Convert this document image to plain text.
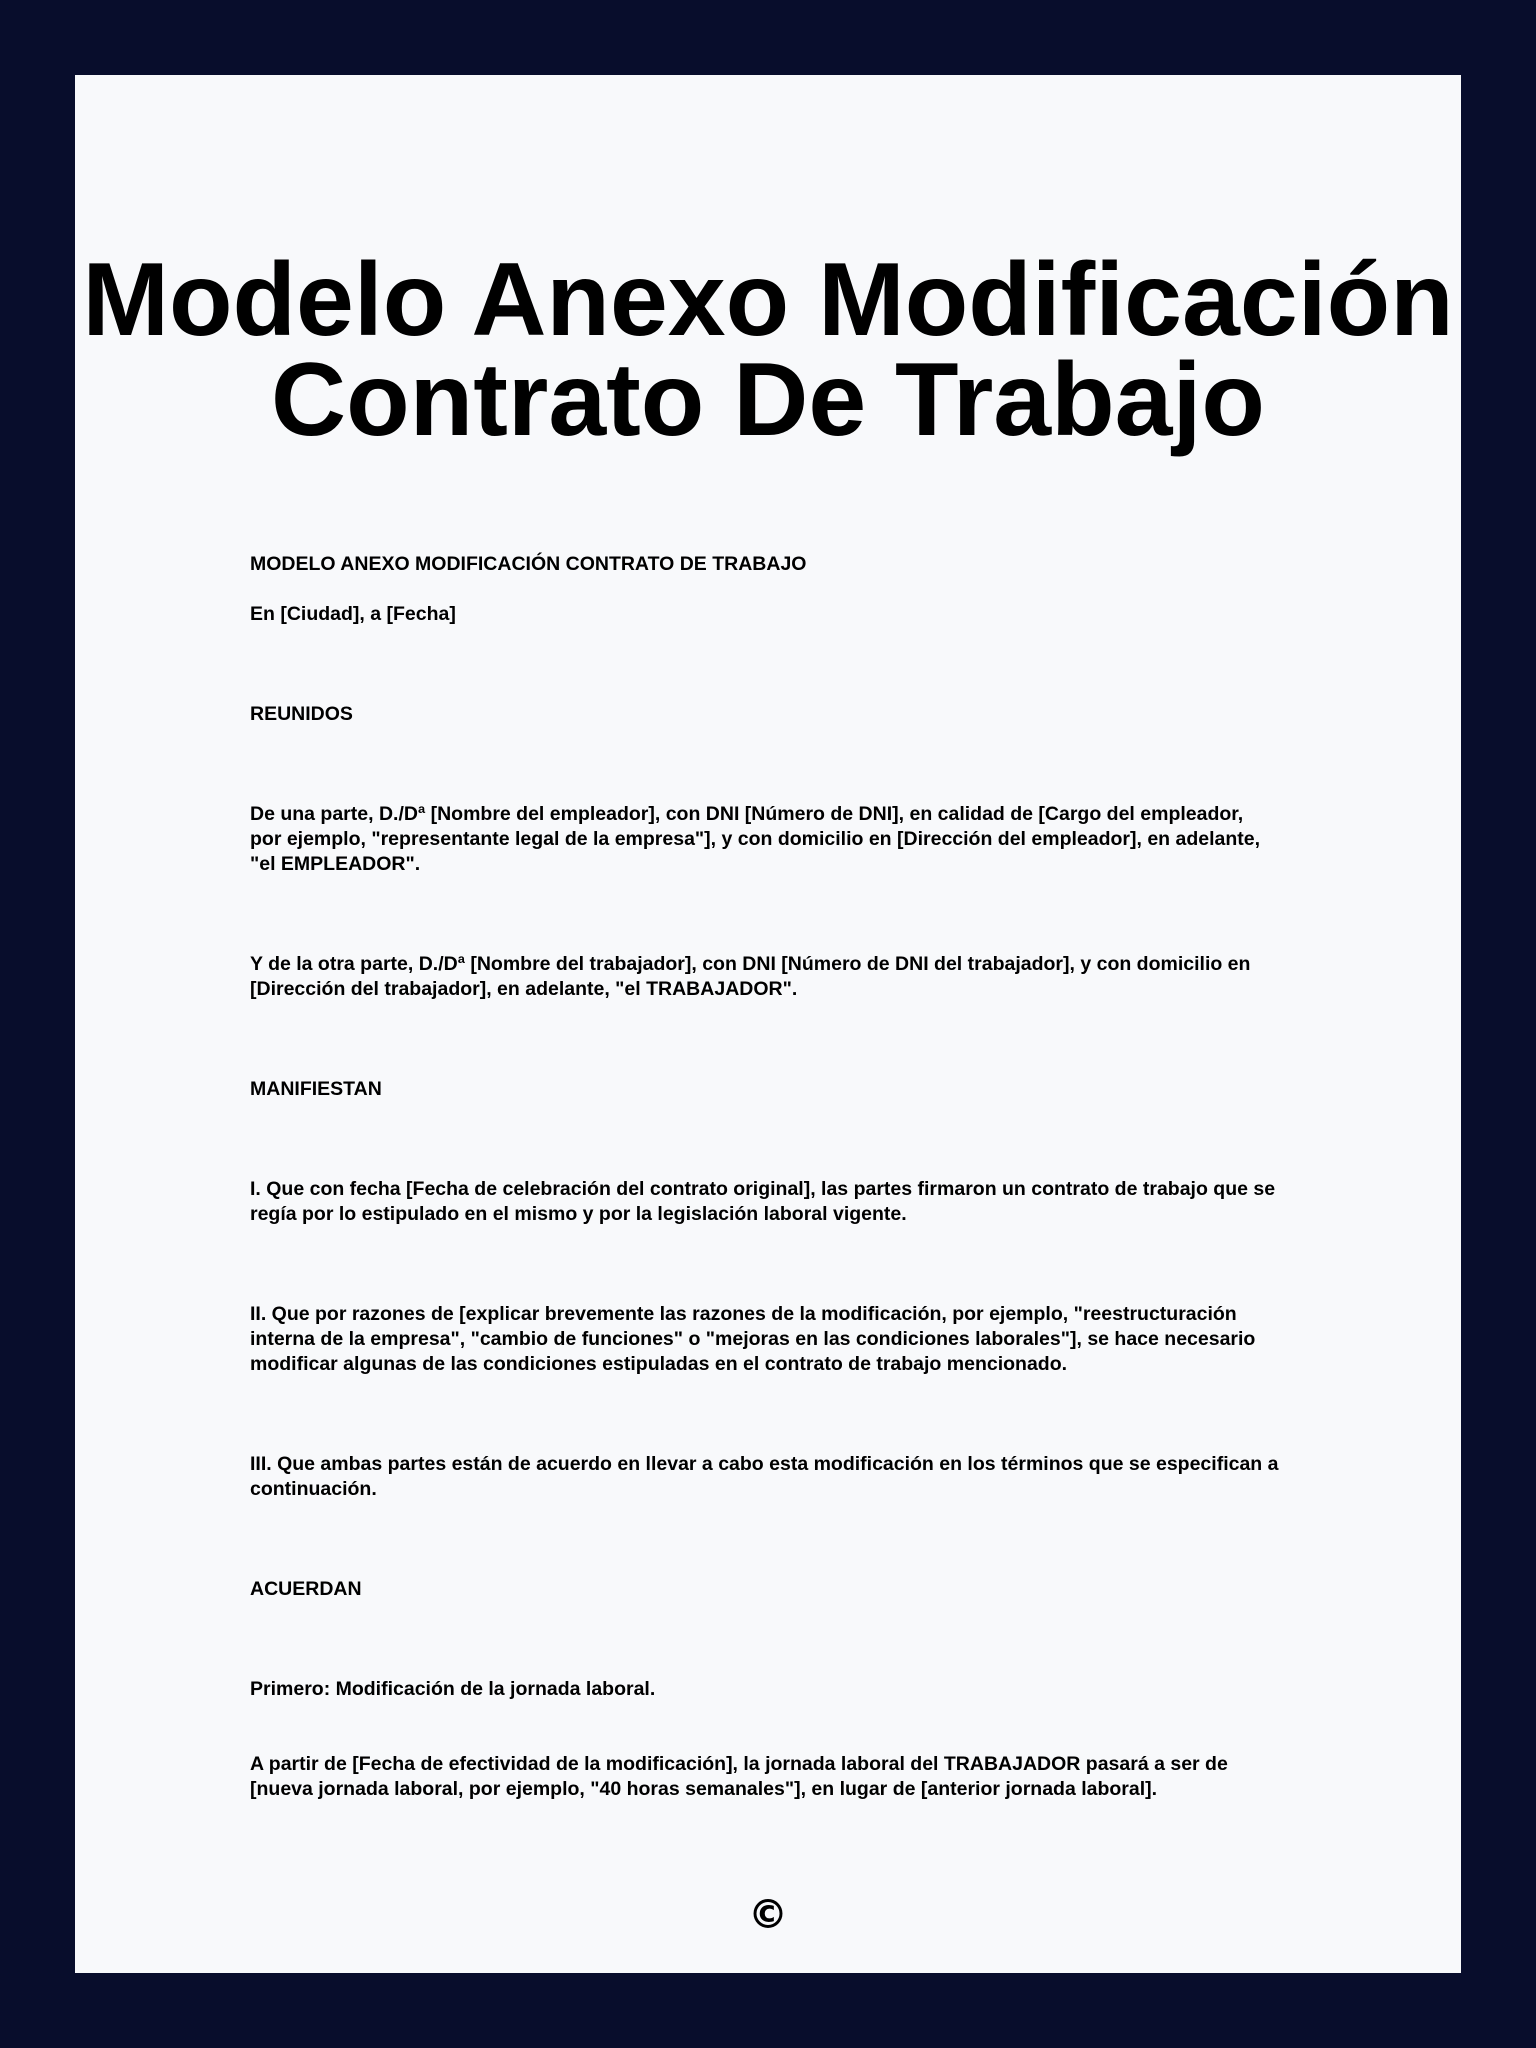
Modelo Anexo Modificación
Contrato De Trabajo

MODELO ANEXO MODIFICACIÓN CONTRATO DE TRABAJO

En [Ciudad], a [Fecha]

REUNIDOS

De una parte, D./Dª [Nombre del empleador], con DNI [Número de DNI], en calidad de [Cargo del empleador, por ejemplo, "representante legal de la empresa"], y con domicilio en [Dirección del empleador], en adelante, "el EMPLEADOR".

Y de la otra parte, D./Dª [Nombre del trabajador], con DNI [Número de DNI del trabajador], y con domicilio en [Dirección del trabajador], en adelante, "el TRABAJADOR".

MANIFIESTAN

I. Que con fecha [Fecha de celebración del contrato original], las partes firmaron un contrato de trabajo que se regía por lo estipulado en el mismo y por la legislación laboral vigente.

II. Que por razones de [explicar brevemente las razones de la modificación, por ejemplo, "reestructuración interna de la empresa", "cambio de funciones" o "mejoras en las condiciones laborales"], se hace necesario modificar algunas de las condiciones estipuladas en el contrato de trabajo mencionado.

III. Que ambas partes están de acuerdo en llevar a cabo esta modificación en los términos que se especifican a continuación.

ACUERDAN

Primero: Modificación de la jornada laboral.

A partir de [Fecha de efectividad de la modificación], la jornada laboral del TRABAJADOR pasará a ser de [nueva jornada laboral, por ejemplo, "40 horas semanales"], en lugar de [anterior jornada laboral].

©
